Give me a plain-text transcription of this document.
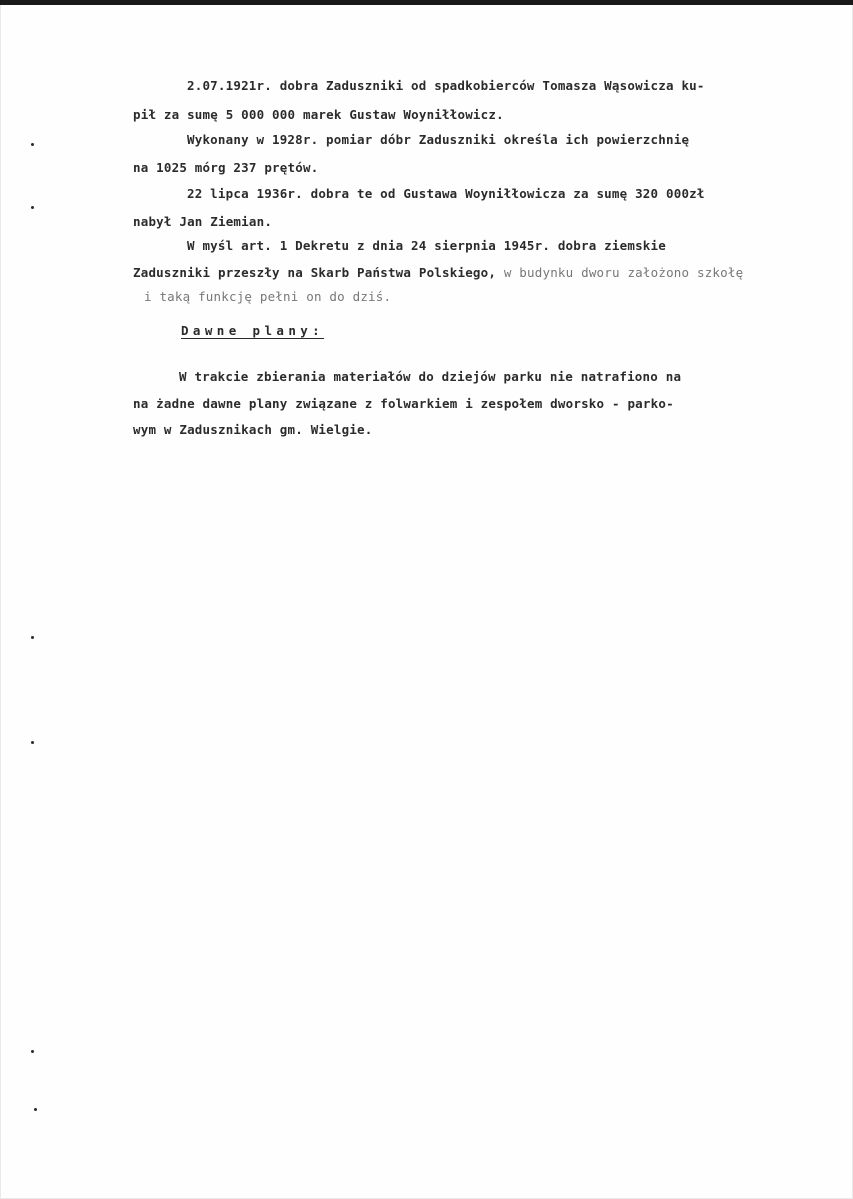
2.07.1921r. dobra Zaduszniki od spadkobierców Tomasza Wąsowicza ku-
pił za sumę 5 000 000 marek Gustaw Woyniłłowicz.
Wykonany w 1928r. pomiar dóbr Zaduszniki określa ich powierzchnię
na 1025 mórg 237 prętów.
22 lipca 1936r. dobra te od Gustawa Woyniłłowicza za sumę 320 000zł
nabył Jan Ziemian.
W myśl art. 1 Dekretu z dnia 24 sierpnia 1945r. dobra ziemskie
Zaduszniki przeszły na Skarb Państwa Polskiego, w budynku dworu założono szkołę
i taką funkcję pełni on do dziś.
Dawne plany:
W trakcie zbierania materiałów do dziejów parku nie natrafiono na
na żadne dawne plany związane z folwarkiem i zespołem dworsko - parko-
wym w Zadusznikach gm. Wielgie.
